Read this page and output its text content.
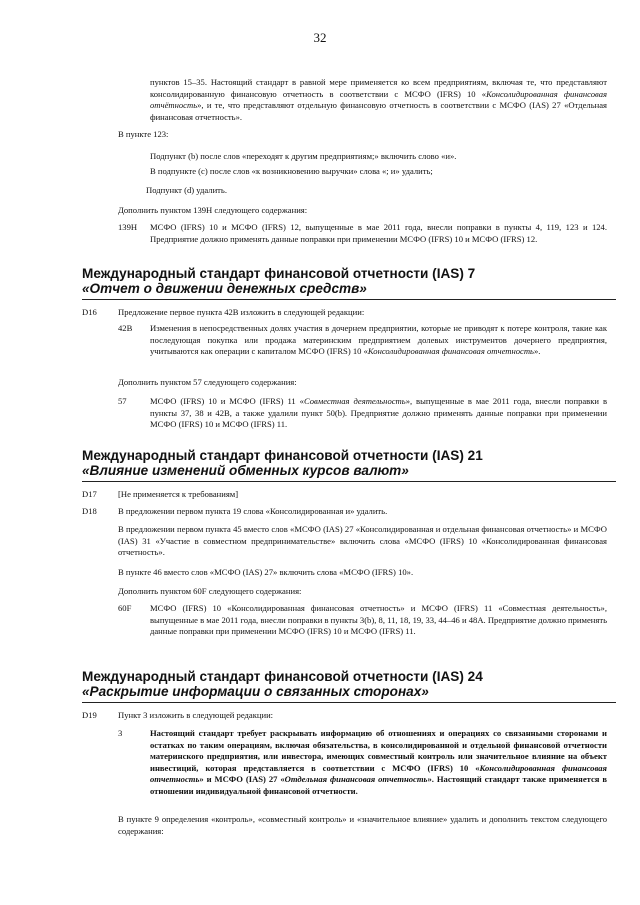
32
пунктов 15–35. Настоящий стандарт в равной мере применяется ко всем предприятиям, включая те, что представляют консолидированную финансовую отчетность в соответствии с МСФО (IFRS) 10 «Консолидированная финансовая отчётность», и те, что представляют отдельную финансовую отчетность в соответствии с МСФО (IAS) 27 «Отдельная финансовая отчетность».
В пункте 123:
Подпункт (b) после слов «переходят к другим предприятиям;» включить слово «и».
В подпункте (c) после слов «к возникновению выручки» слова «; и» удалить;
Подпункт (d) удалить.
Дополнить пунктом 139H следующего содержания:
139H МСФО (IFRS) 10 и МСФО (IFRS) 12, выпущенные в мае 2011 года, внесли поправки в пункты 4, 119, 123 и 124. Предприятие должно применять данные поправки при применении МСФО (IFRS) 10 и МСФО (IFRS) 12.
Международный стандарт финансовой отчетности (IAS) 7
«Отчет о движении денежных средств»
D16 Предложение первое пункта 42B изложить в следующей редакции:
42B Изменения в непосредственных долях участия в дочернем предприятии, которые не приводят к потере контроля, такие как последующая покупка или продажа материнским предприятием долевых инструментов дочернего предприятия, учитываются как операции с капиталом МСФО (IFRS) 10 «Консолидированная финансовая отчетность».
Дополнить пунктом 57 следующего содержания:
57	МСФО (IFRS) 10 и МСФО (IFRS) 11 «Совместная деятельность», выпущенные в мае 2011 года, внесли поправки в пункты 37, 38 и 42B, а также удалили пункт 50(b). Предприятие должно применять данные поправки при применении МСФО (IFRS) 10 и МСФО (IFRS) 11.
Международный стандарт финансовой отчетности (IAS) 21
«Влияние изменений обменных курсов валют»
D17 [Не применяется к требованиям]
D18 В предложении первом пункта 19 слова «Консолидированная и» удалить.
В предложении первом пункта 45 вместо слов «МСФО (IAS) 27 «Консолидированная и отдельная финансовая отчетность» и МСФО (IAS) 31 «Участие в совместном предпринимательстве» включить слова «МСФО (IFRS) 10 «Консолидированная финансовая отчетность».
В пункте 46 вместо слов «МСФО (IAS) 27» включить слова «МСФО (IFRS) 10».
Дополнить пунктом 60F следующего содержания:
60F МСФО (IFRS) 10 «Консолидированная финансовая отчетность» и МСФО (IFRS) 11 «Совместная деятельность», выпущенные в мае 2011 года, внесли поправки в пункты 3(b), 8, 11, 18, 19, 33, 44–46 и 48A. Предприятие должно применять данные поправки при применении МСФО (IFRS) 10 и МСФО (IFRS) 11.
Международный стандарт финансовой отчетности (IAS) 24
«Раскрытие информации о связанных сторонах»
D19 Пункт 3 изложить в следующей редакции:
3	Настоящий стандарт требует раскрывать информацию об отношениях и операциях со связанными сторонами и остатках по таким операциям, включая обязательства, в консолидированной и отдельной финансовой отчетности материнского предприятия, или инвестора, имеющих совместный контроль или значительное влияние на объект инвестиций, которая представляется в соответствии с МСФО (IFRS) 10 «Консолидированная финансовая отчетность» и МСФО (IAS) 27 «Отдельная финансовая отчетность». Настоящий стандарт также применяется в отношении индивидуальной финансовой отчетности.
В пункте 9 определения «контроль», «совместный контроль» и «значительное влияние» удалить и дополнить текстом следующего содержания:
